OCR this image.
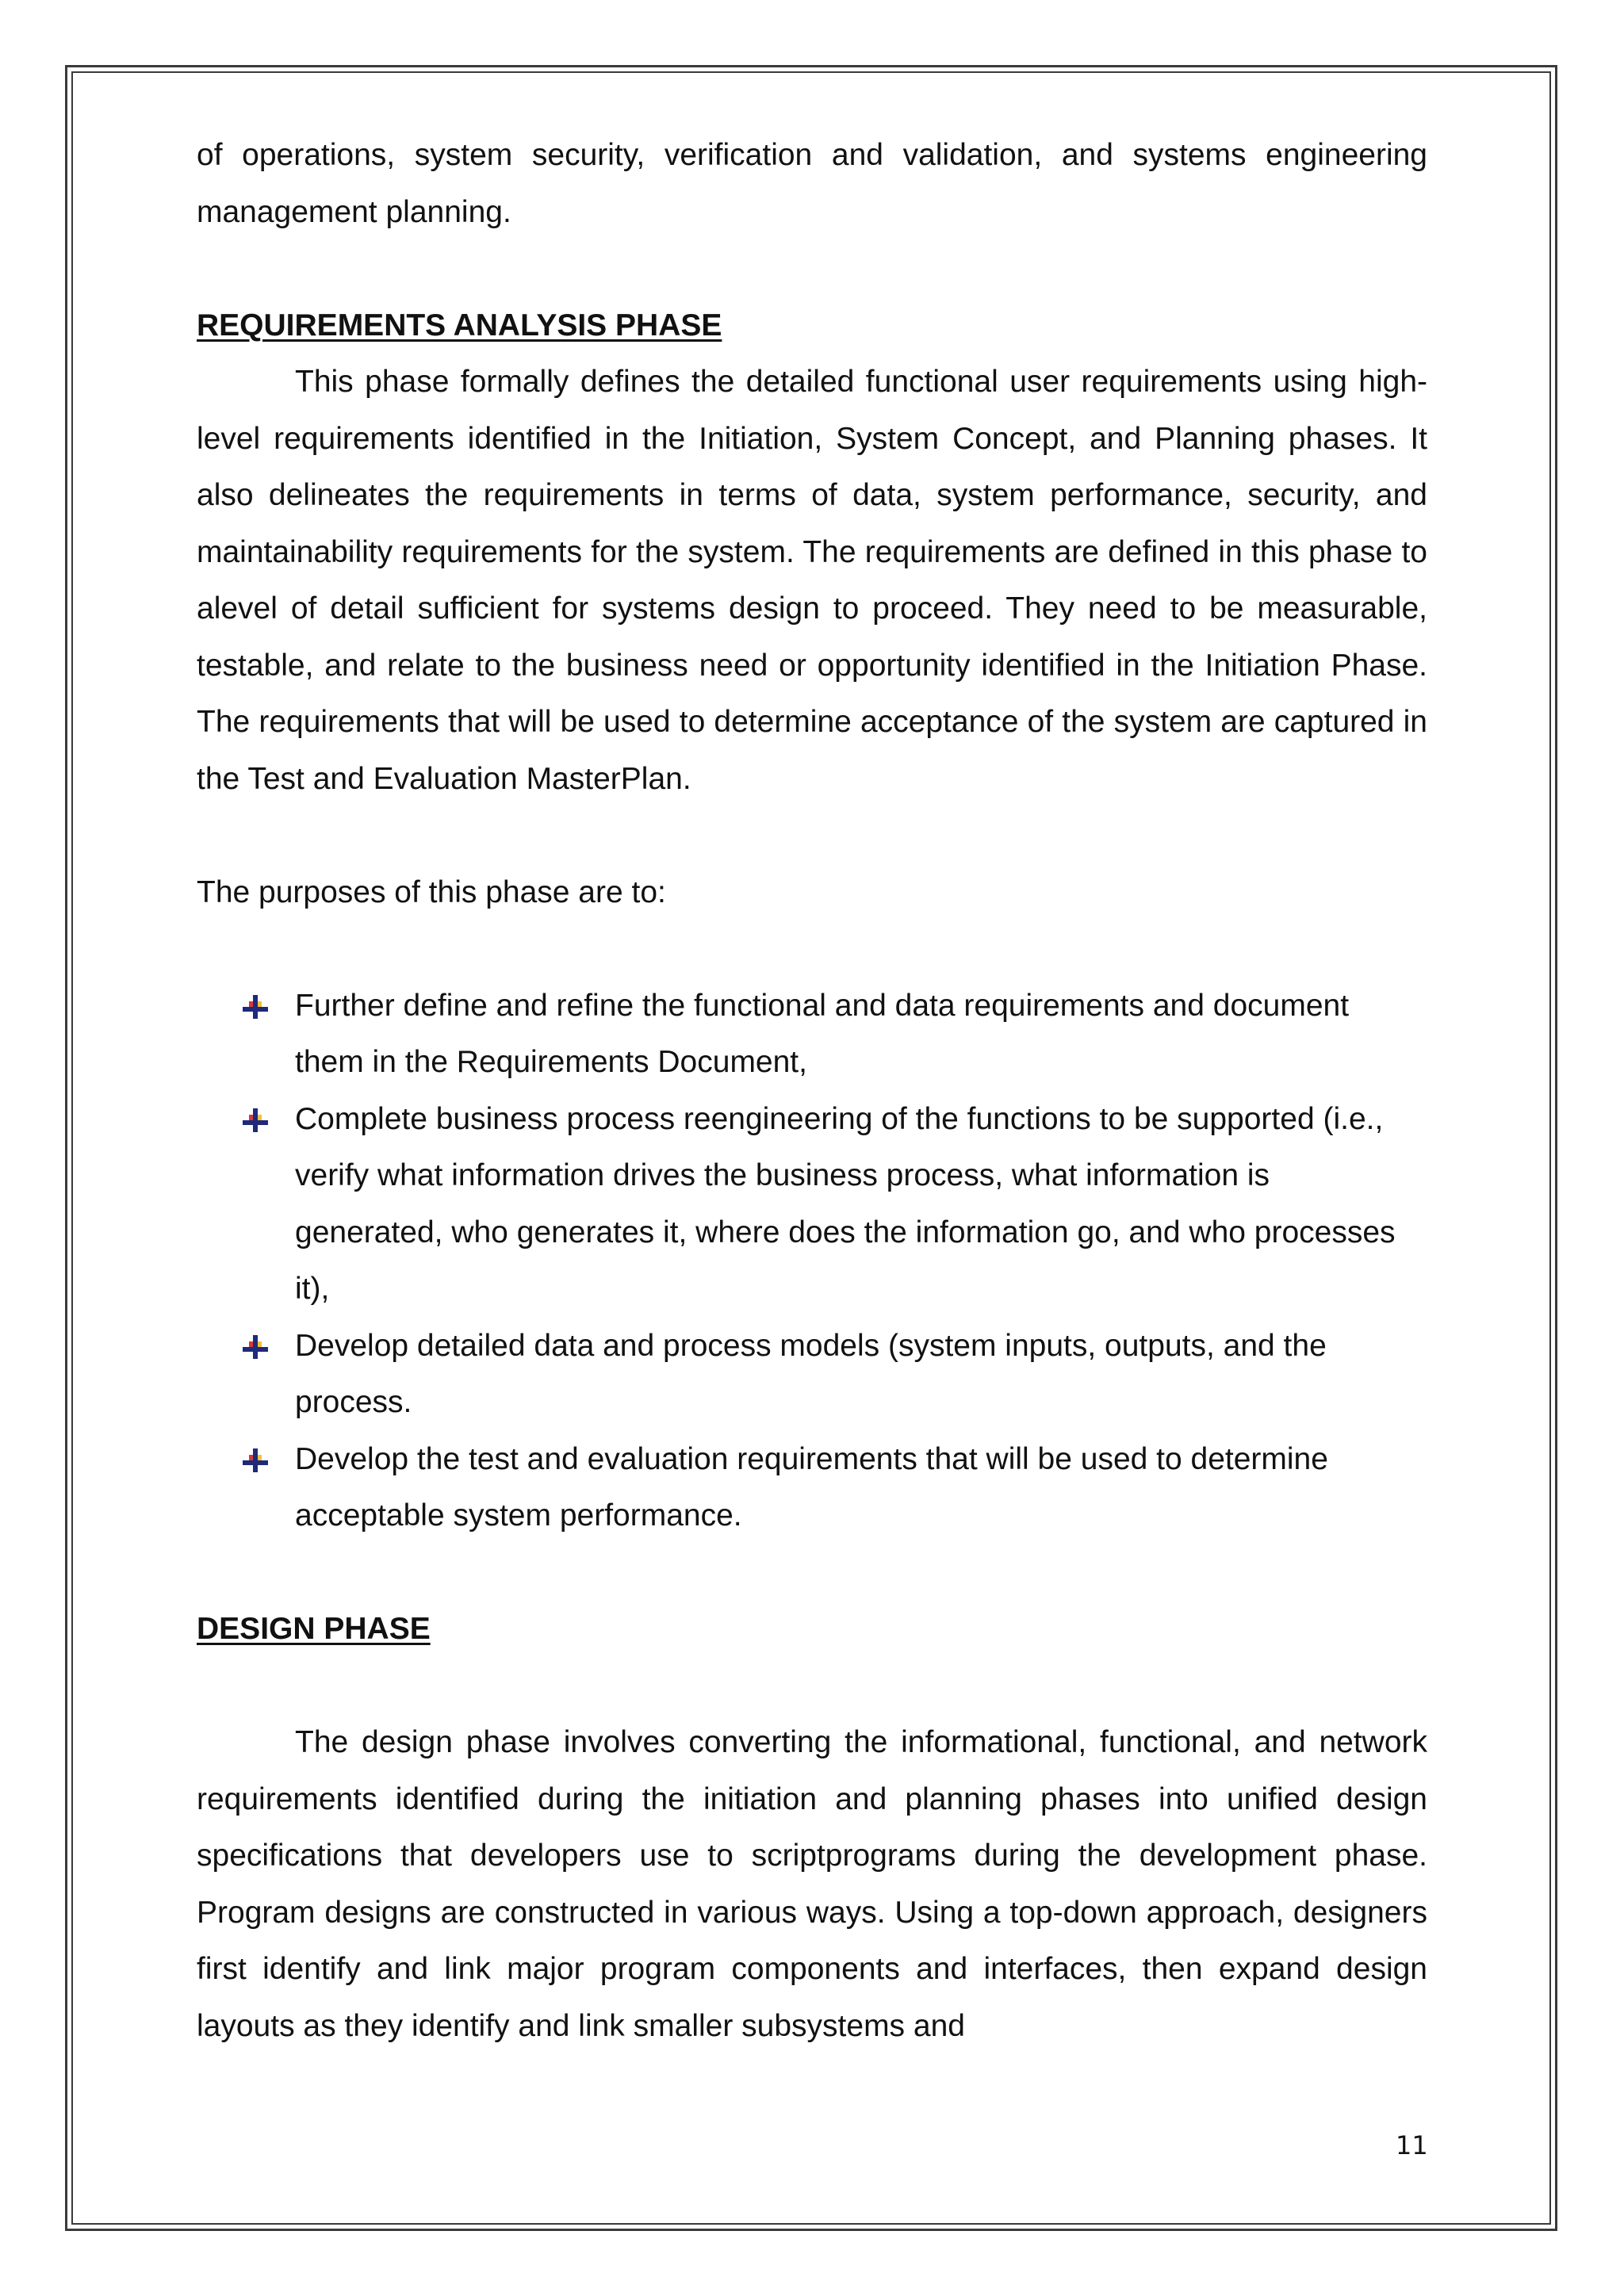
of operations, system security, verification and validation, and systems engineering management planning.

REQUIREMENTS ANALYSIS PHASE

This phase formally defines the detailed functional user requirements using high-level requirements identified in the Initiation, System Concept, and Planning phases. It also delineates the requirements in terms of data, system performance, security, and maintainability requirements for the system. The requirements are defined in this phase to alevel of detail sufficient for systems design to proceed. They need to be measurable, testable, and relate to the business need or opportunity identified in the Initiation Phase. The requirements that will be used to determine acceptance of the system are captured in the Test and Evaluation MasterPlan.

The purposes of this phase are to:

Further define and refine the functional and data requirements and document them in the Requirements Document,
Complete business process reengineering of the functions to be supported (i.e., verify what information drives the business process, what information is generated, who generates it, where does the information go, and who processes it),
Develop detailed data and process models (system inputs, outputs, and the process.
Develop the test and evaluation requirements that will be used to determine acceptable system performance.
DESIGN PHASE

The design phase involves converting the informational, functional, and network requirements identified during the initiation and planning phases into unified design specifications that developers use to scriptprograms during the development phase. Program designs are constructed in various ways. Using a top-down approach, designers first identify and link major program components and interfaces, then expand design layouts as they identify and link smaller subsystems and

11
